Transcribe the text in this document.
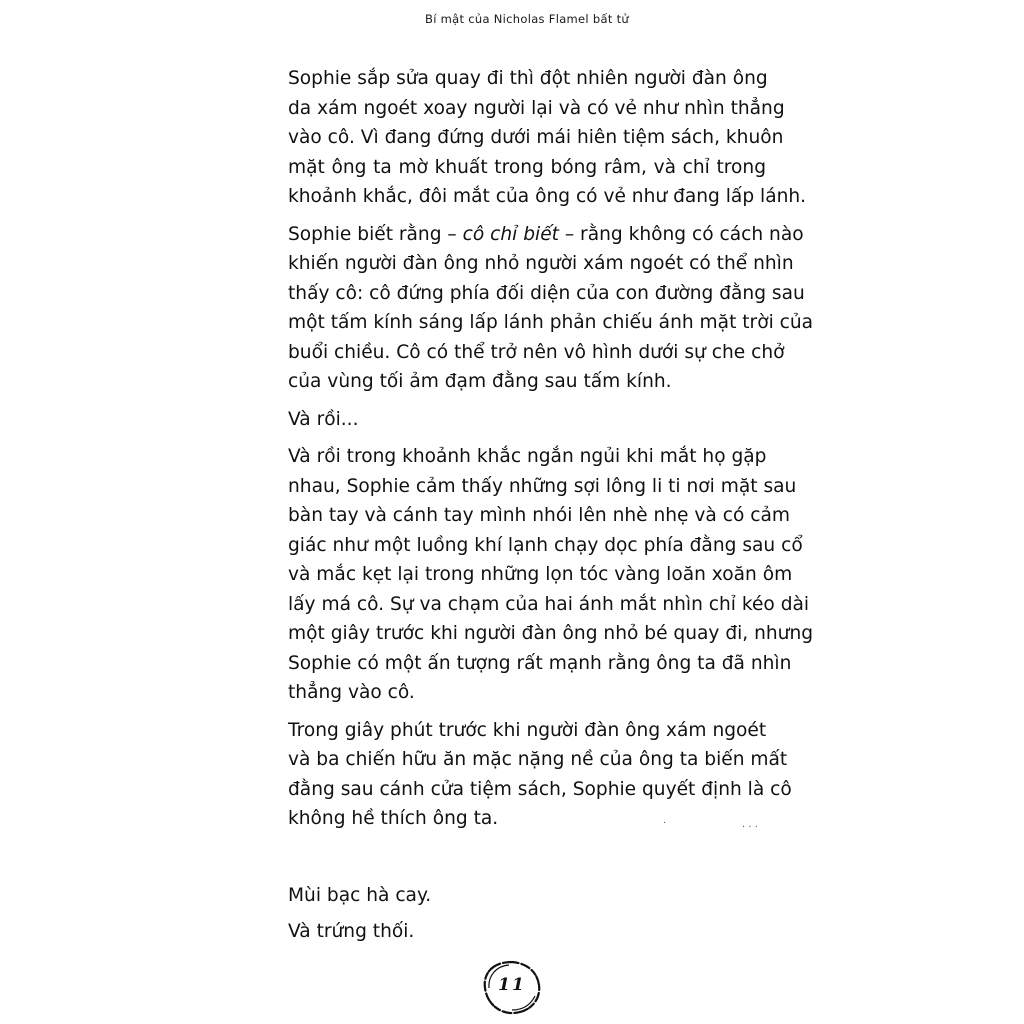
Bí mật của Nicholas Flamel bất tử
Sophie sắp sửa quay đi thì đột nhiên người đàn ông
da xám ngoét xoay người lại và có vẻ như nhìn thẳng
vào cô. Vì đang đứng dưới mái hiên tiệm sách, khuôn
mặt ông ta mờ khuất trong bóng râm, và chỉ trong
khoảnh khắc, đôi mắt của ông có vẻ như đang lấp lánh.
Sophie biết rằng – cô chỉ biết – rằng không có cách nào
khiến người đàn ông nhỏ người xám ngoét có thể nhìn
thấy cô: cô đứng phía đối diện của con đường đằng sau
một tấm kính sáng lấp lánh phản chiếu ánh mặt trời của
buổi chiều. Cô có thể trở nên vô hình dưới sự che chở
của vùng tối ảm đạm đằng sau tấm kính.
Và rồi...
Và rồi trong khoảnh khắc ngắn ngủi khi mắt họ gặp
nhau, Sophie cảm thấy những sợi lông li ti nơi mặt sau
bàn tay và cánh tay mình nhói lên nhè nhẹ và có cảm
giác như một luồng khí lạnh chạy dọc phía đằng sau cổ
và mắc kẹt lại trong những lọn tóc vàng loăn xoăn ôm
lấy má cô. Sự va chạm của hai ánh mắt nhìn chỉ kéo dài
một giây trước khi người đàn ông nhỏ bé quay đi, nhưng
Sophie có một ấn tượng rất mạnh rằng ông ta đã nhìn
thẳng vào cô.
Trong giây phút trước khi người đàn ông xám ngoét
và ba chiến hữu ăn mặc nặng nề của ông ta biến mất
đằng sau cánh cửa tiệm sách, Sophie quyết định là cô
không hề thích ông ta.	·	· · ·
Mùi bạc hà cay.
Và trứng thối.
11
